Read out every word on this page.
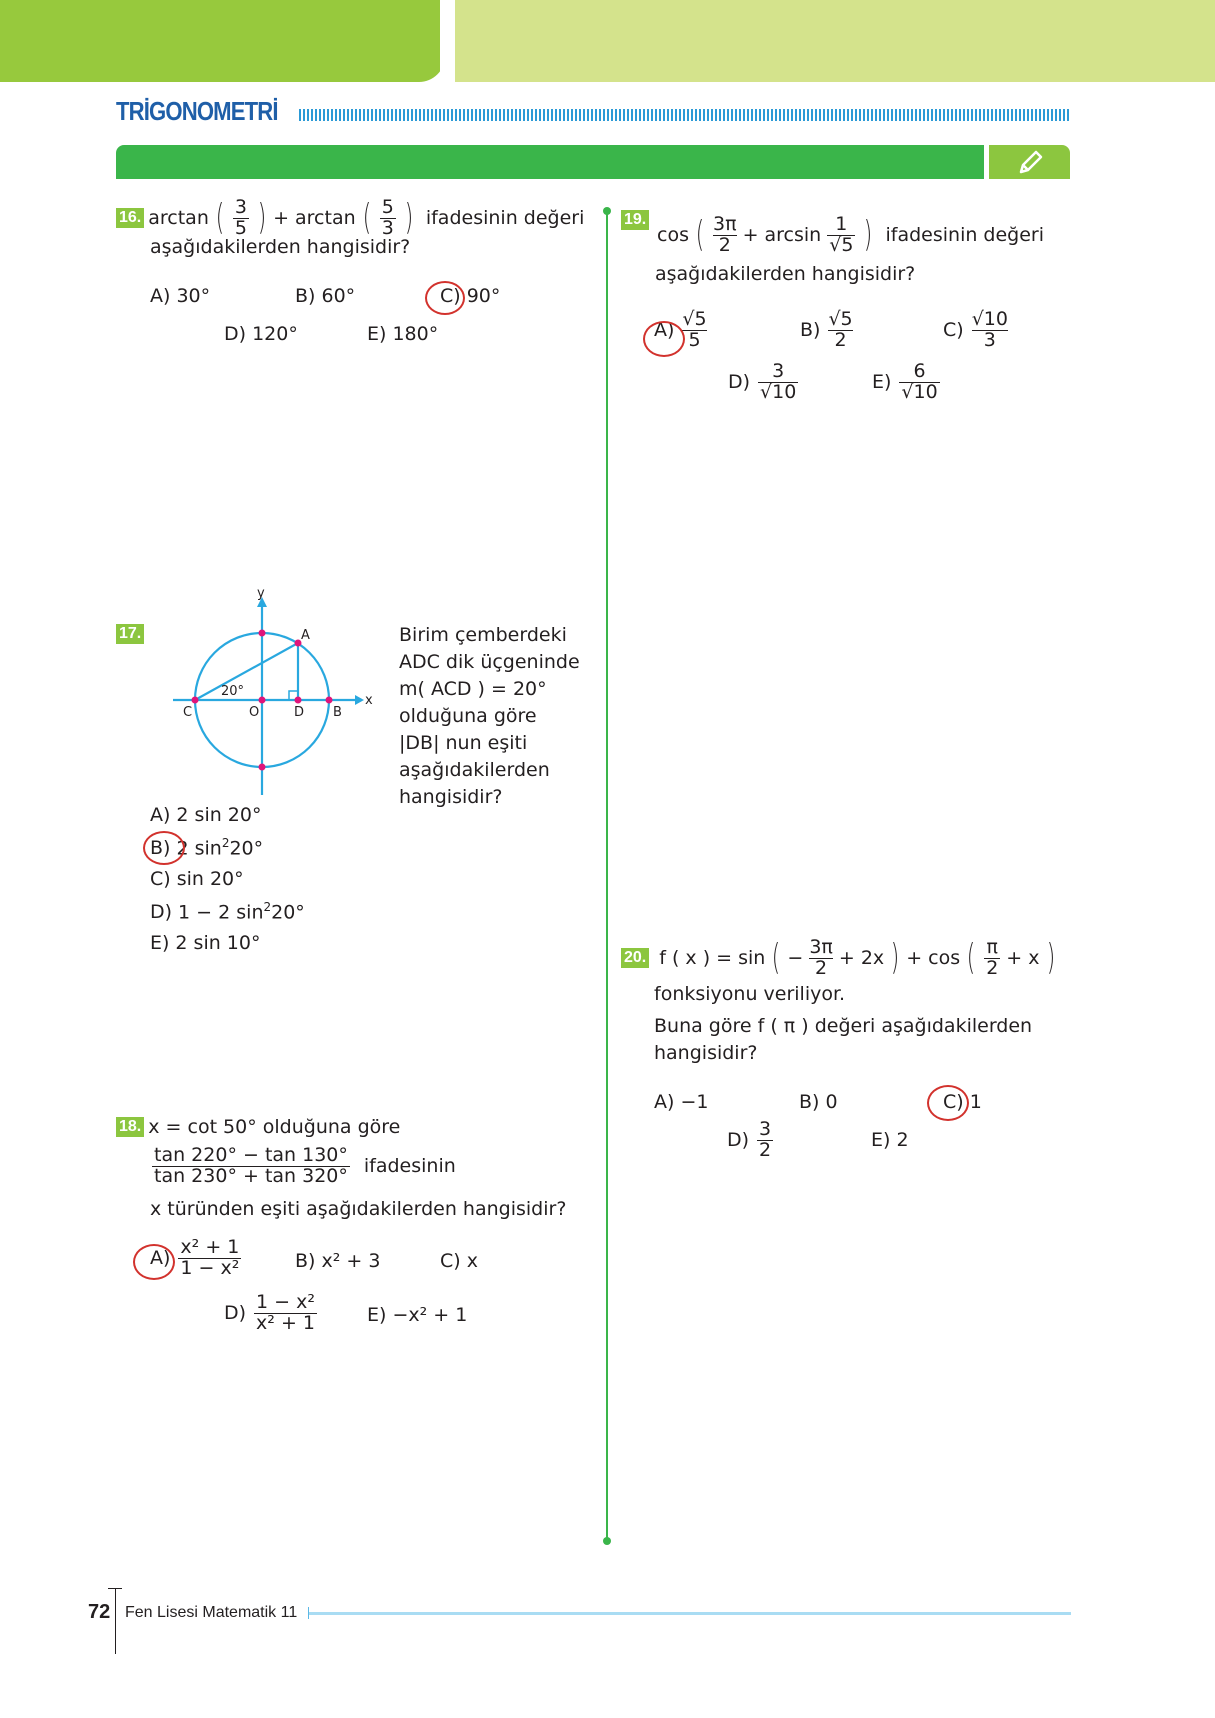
TRİGONOMETRİ
16. arctan ( $\frac{3}{5}$ ) + arctan ( $\frac{5}{3}$ ) ifadesinin değeri
aşağıdakilerden hangisidir?
A) 30°	B) 60°	C) 90°
D) 120°	E) 180°
17.
y
x
A
C	O	D B
20°
Birim çemberdeki
ADC dik üçgeninde
m( ACD ) = 20°
olduğuna göre
|DB| nun eşiti
aşağıdakilerden
hangisidir?
A) 2 sin 20°
B) 2 $\sin^220^\circ$
C) sin 20°
D) 1 − 2 $\sin^220^\circ$
E) 2 sin 10°
18. x = cot 50° olduğuna göre
$\frac{\tan 220^\circ - \tan 130^\circ}{\tan 230^\circ + \tan 320^\circ}$ ifadesinin
x türünden eşiti aşağıdakilerden hangisidir?
$A) \frac{\text{x² + 1}}{\text{1 − x²}}$	B) x² + 3	C) x
$D) \frac{\text{1 − x²}}{\text{x² + 1}}$	E) −x² + 1
19.
cos ( $\frac{3\pi}{2} + \arcsin \frac{1}{√5}$ ) ifadesinin değeri
aşağıdakilerden hangisidir?
$A) \frac{√5}{5}$	$B) \frac{√5}{2}$	$C) \frac{√10}{3}$
$D) \frac{3}{√10}$	$E) \frac{6}{√10}$
20. f ( x ) = sin ( − $\frac{3\pi}{2} + 2x$ ) + cos ( $\frac{\pi}{2} + x$ )
fonksiyonu veriliyor.
Buna göre f ( π ) değeri aşağıdakilerden
hangisidir?
A) −1	B) 0	C) 1
$D) \frac{3}{2}$	E) 2
72 Fen Lisesi Matematik 11
